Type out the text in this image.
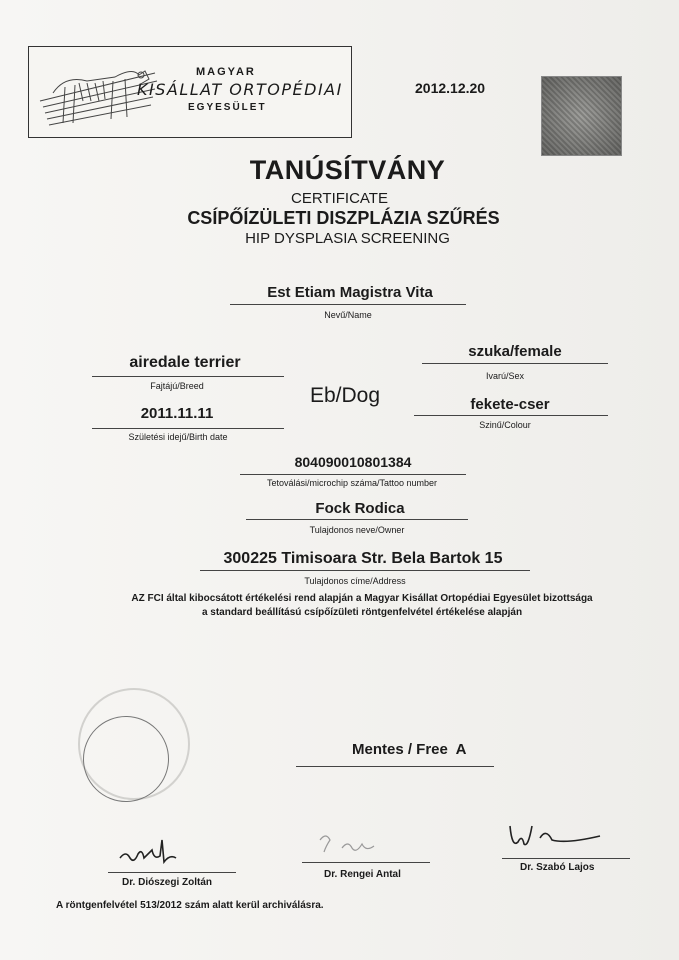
MAGYAR
KISÁLLAT ORTOPÉDIAI
EGYESÜLET
2012.12.20
TANÚSÍTVÁNY
CERTIFICATE
CSÍPŐÍZÜLETI DISZPLÁZIA SZŰRÉS
HIP DYSPLASIA SCREENING
Est Etiam Magistra Vita
Nevű/Name
airedale terrier
Fajtájú/Breed
szuka/female
Ivarú/Sex
Eb/Dog
2011.11.11
Születési idejű/Birth date
fekete-cser
Szinű/Colour
804090010801384
Tetoválási/microchip száma/Tattoo number
Fock Rodica
Tulajdonos neve/Owner
300225 Timisoara Str. Bela Bartok 15
Tulajdonos címe/Address
AZ FCI által kibocsátott értékelési rend alapján a Magyar Kisállat Ortopédiai Egyesület bizottsága
a standard beállítású csípőízületi röntgenfelvétel értékelése alapján
Mentes / Free  A
Dr. Diószegi Zoltán
Dr. Rengei Antal
Dr. Szabó Lajos
A röntgenfelvétel 513/2012 szám alatt kerül archiválásra.
